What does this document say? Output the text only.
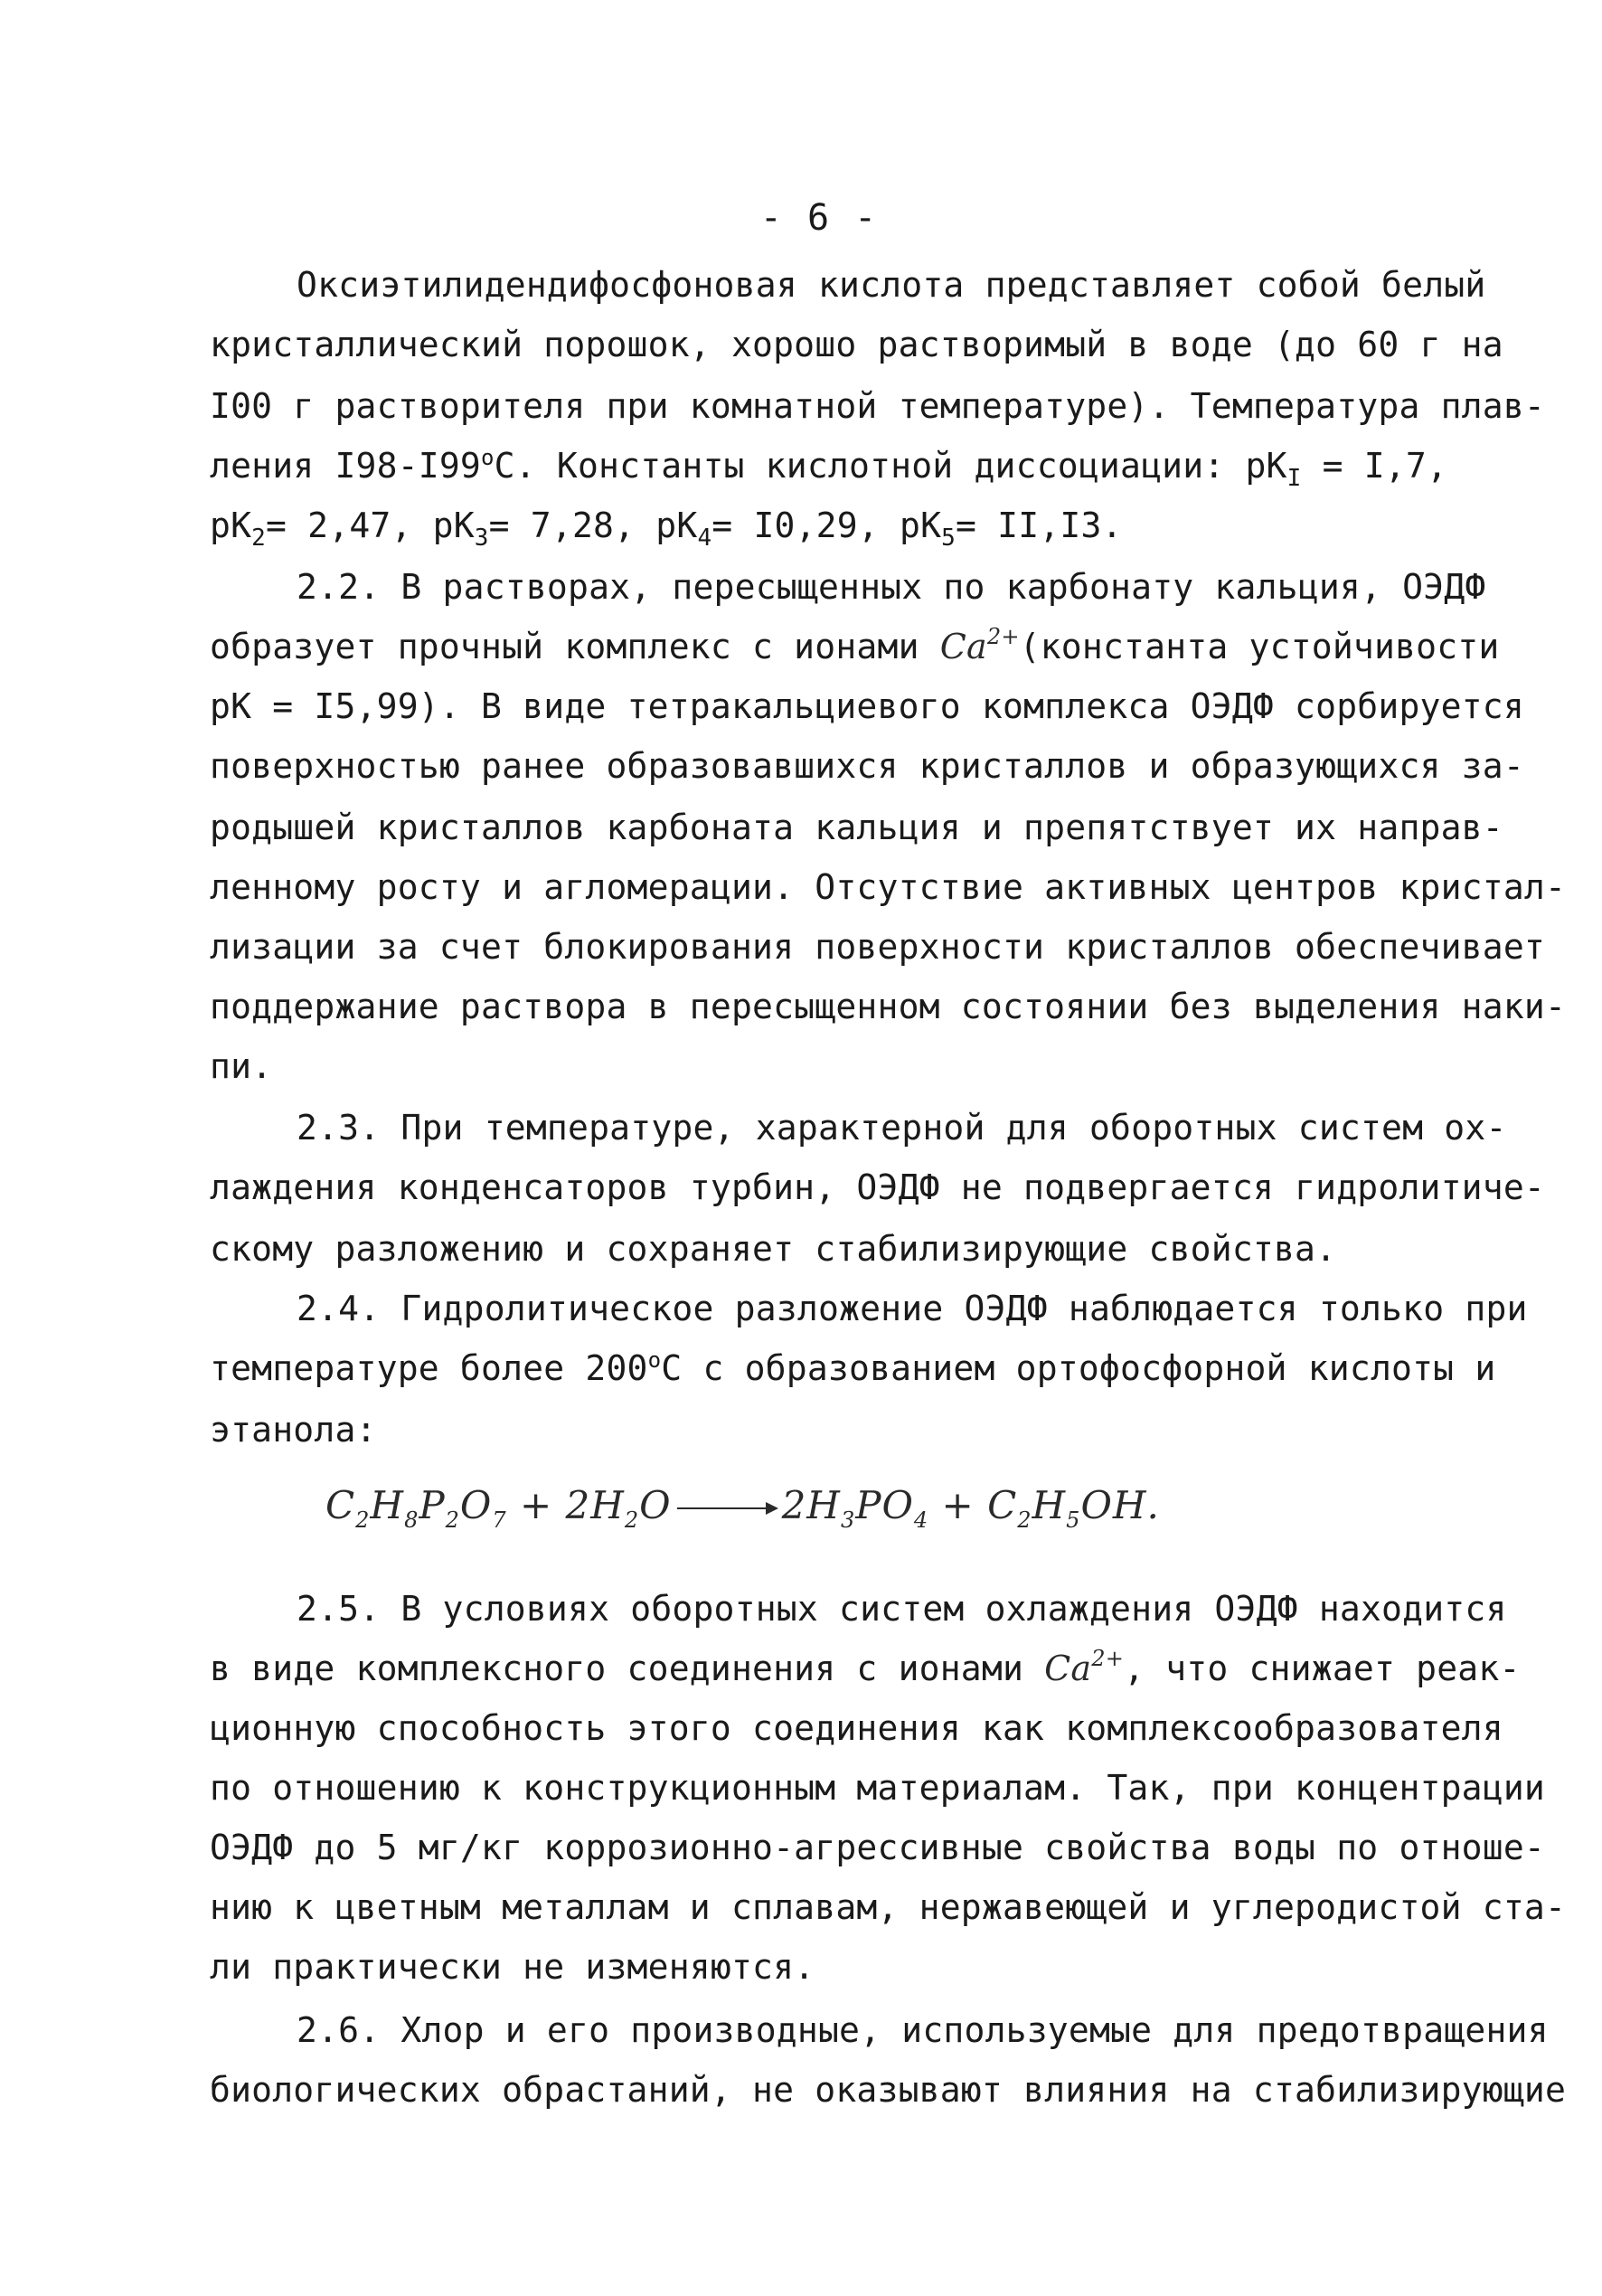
- 6 -
Оксиэтилидендифосфоновая кислота представляет собой белый
кристаллический порошок, хорошо растворимый в воде (до 60 г на
I00 г растворителя при комнатной температуре). Температура плав-
ления $I98-I99^оС$. Константы кислотной диссоциации: $рК_I = I,7$,
$рК_2= 2,47$, $рК_3= 7,28$, $рК_4= I0,29$, $рК_5= II,I3$.
2.2. В растворах, пересыщенных по карбонату кальция, ОЭДФ
образует прочный комплекс с ионами $Ca^{2+}(константа$ устойчивости
рК = I5,99). В виде тетракальциевого комплекса ОЭДФ сорбируется
поверхностью ранее образовавшихся кристаллов и образующихся за-
родышей кристаллов карбоната кальция и препятствует их направ-
ленному росту и агломерации. Отсутствие активных центров кристал-
лизации за счет блокирования поверхности кристаллов обеспечивает
поддержание раствора в пересыщенном состоянии без выделения наки-
пи.
2.3. При температуре, характерной для оборотных систем ох-
лаждения конденсаторов турбин, ОЭДФ не подвергается гидролитиче-
скому разложению и сохраняет стабилизирующие свойства.
2.4. Гидролитическое разложение ОЭДФ наблюдается только при
температуре более $200^оС$ с образованием ортофосфорной кислоты и
этанола:
$C_2H_8P_2O_7 + 2H_2O \to 2H_3PO_4 + C_2H_5OH$.
2.5. В условиях оборотных систем охлаждения ОЭДФ находится
в виде комплексного соединения с ионами $Ca^{2+}$, что снижает реак-
ционную способность этого соединения как комплексообразователя
по отношению к конструкционным материалам. Так, при концентрации
ОЭДФ до 5 мг/кг коррозионно-агрессивные свойства воды по отноше-
нию к цветным металлам и сплавам, нержавеющей и углеродистой ста-
ли практически не изменяются.
2.6. Хлор и его производные, используемые для предотвращения
биологических обрастаний, не оказывают влияния на стабилизирующие
